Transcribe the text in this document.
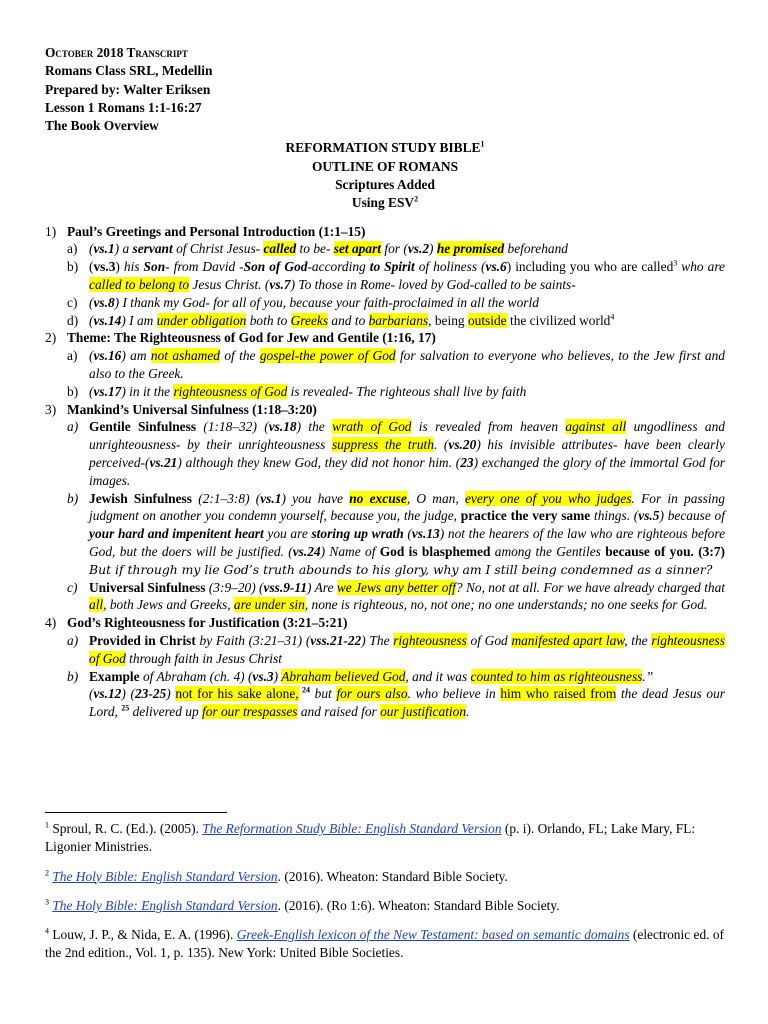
October 2018 Transcript
Romans Class SRL, Medellin
Prepared by: Walter Eriksen
Lesson 1 Romans 1:1-16:27
The Book Overview
REFORMATION STUDY BIBLE$^1$
OUTLINE OF ROMANS
Scriptures Added
Using ESV$^2$
1) Paul’s Greetings and Personal Introduction (1:1–15)
a) (vs.1) a servant of Christ Jesus- called to be- set apart for (vs.2) he promised beforehand
b) (vs.3) his Son- from David -Son of God-according to Spirit of holiness (vs.6) including you who are called$^3$ who are called to belong to Jesus Christ. (vs.7) To those in Rome- loved by God-called to be saints-
c) (vs.8) I thank my God- for all of you, because your faith-proclaimed in all the world
d) (vs.14) I am under obligation both to Greeks and to barbarians, being outside the civilized world$^4$
2) Theme: The Righteousness of God for Jew and Gentile (1:16, 17)
a) (vs.16) am not ashamed of the gospel-the power of God for salvation to everyone who believes, to the Jew first and also to the Greek.
b) (vs.17) in it the righteousness of God is revealed- The righteous shall live by faith
3) Mankind’s Universal Sinfulness (1:18–3:20)
a) Gentile Sinfulness (1:18–32) (vs.18) the wrath of God is revealed from heaven against all ungodliness and unrighteousness- by their unrighteousness suppress the truth. (vs.20) his invisible attributes- have been clearly perceived-(vs.21) although they knew God, they did not honor him. (23) exchanged the glory of the immortal God for images.
b) Jewish Sinfulness (2:1–3:8) (vs.1) you have no excuse, O man, every one of you who judges. For in passing judgment on another you condemn yourself, because you, the judge, practice the very same things. (vs.5) because of your hard and impenitent heart you are storing up wrath (vs.13) not the hearers of the law who are righteous before God, but the doers will be justified. (vs.24) Name of God is blasphemed among the Gentiles because of you. (3:7) But if through my lie God’s truth abounds to his glory, why am I still being condemned as a sinner?
c) Universal Sinfulness (3:9–20) (vss.9-11) Are we Jews any better off? No, not at all. For we have already charged that all, both Jews and Greeks, are under sin, none is righteous, no, not one; no one understands; no one seeks for God.
4) God’s Righteousness for Justification (3:21–5:21)
a) Provided in Christ by Faith (3:21–31) (vss.21-22) The righteousness of God manifested apart law, the righteousness of God through faith in Jesus Christ
b) Example of Abraham (ch. 4) (vs.3) Abraham believed God, and it was counted to him as righteousness.”
(vs.12) (23-25) not for his sake alone, $^{24}$ but for ours also. who believe in him who raised from the dead Jesus our Lord, $^{25}$ delivered up for our trespasses and raised for our justification.
$^1$ Sproul, R. C. (Ed.). (2005). The Reformation Study Bible: English Standard Version (p. i). Orlando, FL; Lake Mary, FL: Ligonier Ministries.
$^2$ The Holy Bible: English Standard Version. (2016). Wheaton: Standard Bible Society.
$^3$ The Holy Bible: English Standard Version. (2016). (Ro 1:6). Wheaton: Standard Bible Society.
$^4$ Louw, J. P., & Nida, E. A. (1996). Greek-English lexicon of the New Testament: based on semantic domains (electronic ed. of the 2nd edition., Vol. 1, p. 135). New York: United Bible Societies.
